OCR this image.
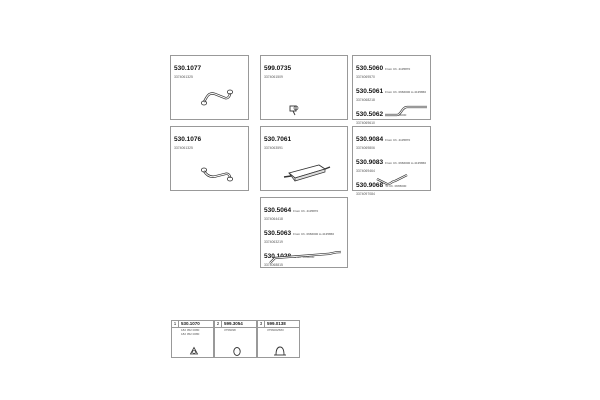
530.1077
3374061325
599.0735
3374061509
530.5060 From Ch. 4135870
3374069570
530.5061 From Ch. 0666000 to 4135866
3374068218
530.5062 To Ch. 0665000
3374069610
530.1076
3374061325
530.7061
3374063591
530.9084 From Ch. 4135870
3374069806
530.9083 From Ch. 0666000 to 4135866
3374069464
530.9068 To Ch. 0665000
3374097084
530.5064 From Ch. 4135870
3374064418
530.5063 From Ch. 0666000 to 4135866
3374063219
530.1028 To Ch. 0666000
3374068815
1	530.1070
182 052 0080
182 052 0080
2	599.3054
3756098
3	599.0138
3756002583
